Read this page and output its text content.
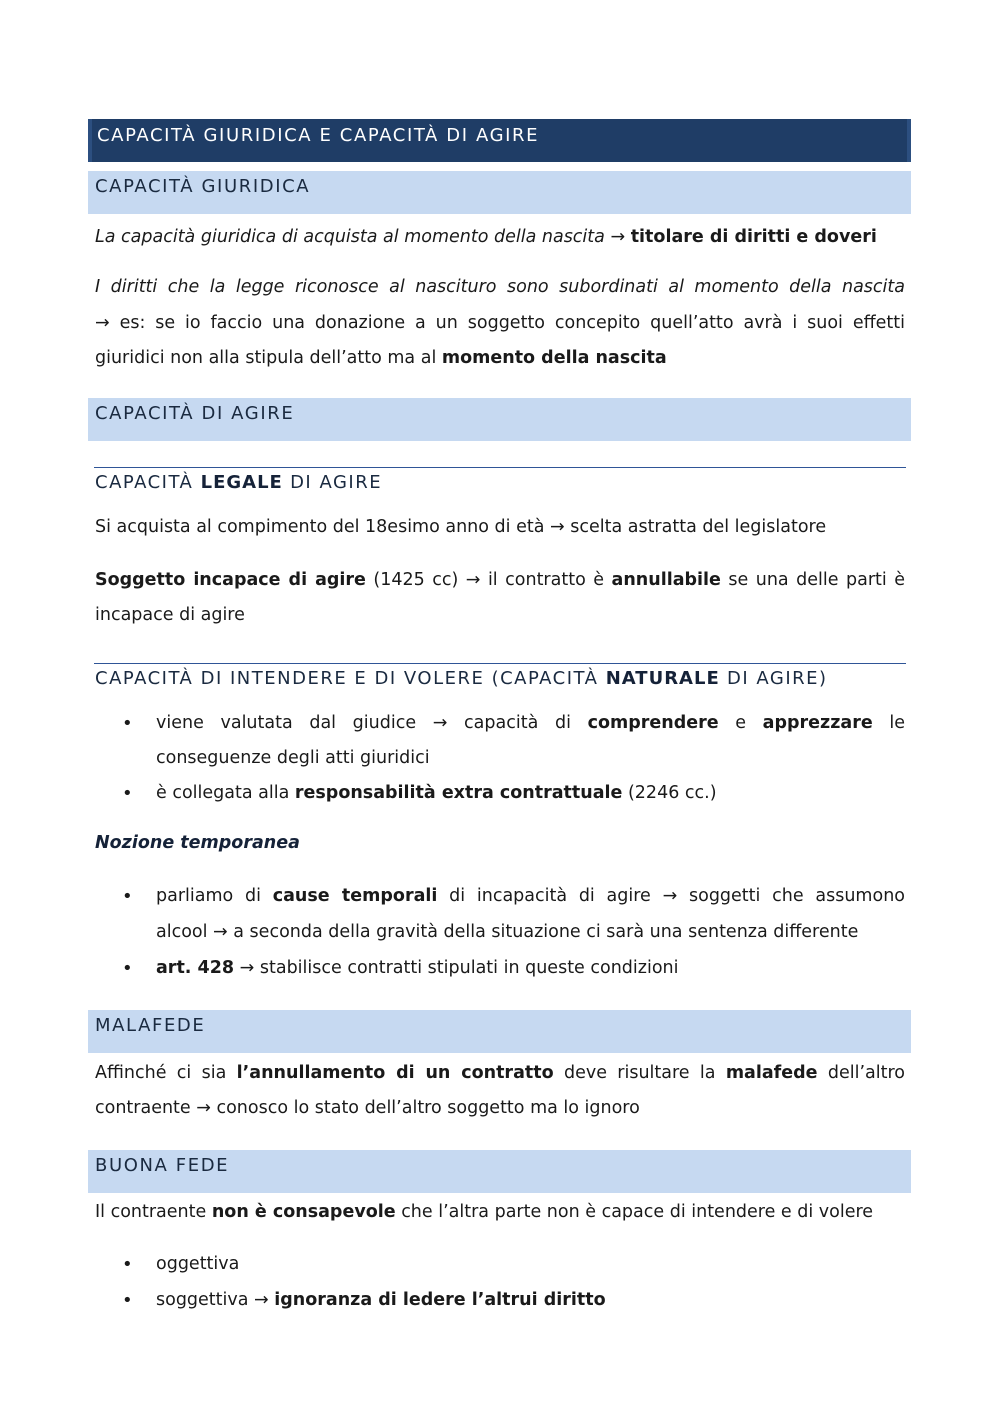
CAPACITÀ GIURIDICA E CAPACITÀ DI AGIRE
CAPACITÀ GIURIDICA
La capacità giuridica di acquista al momento della nascita → titolare di diritti e doveri
I diritti che la legge riconosce al nascituro sono subordinati al momento della nascita
→ es: se io faccio una donazione a un soggetto concepito quell’atto avrà i suoi effetti
giuridici non alla stipula dell’atto ma al momento della nascita
CAPACITÀ DI AGIRE
CAPACITÀ LEGALE DI AGIRE
Si acquista al compimento del 18esimo anno di età → scelta astratta del legislatore
Soggetto incapace di agire (1425 cc) → il contratto è annullabile se una delle parti è
incapace di agire
CAPACITÀ DI INTENDERE E DI VOLERE (CAPACITÀ NATURALE DI AGIRE)
• viene valutata dal giudice → capacità di comprendere e apprezzare le
conseguenze degli atti giuridici
• è collegata alla responsabilità extra contrattuale (2246 cc.)
Nozione temporanea
• parliamo di cause temporali di incapacità di agire → soggetti che assumono
alcool → a seconda della gravità della situazione ci sarà una sentenza differente
• art. 428 → stabilisce contratti stipulati in queste condizioni
MALAFEDE
Affinché ci sia l’annullamento di un contratto deve risultare la malafede dell’altro
contraente → conosco lo stato dell’altro soggetto ma lo ignoro
BUONA FEDE
Il contraente non è consapevole che l’altra parte non è capace di intendere e di volere
• oggettiva
• soggettiva → ignoranza di ledere l’altrui diritto
